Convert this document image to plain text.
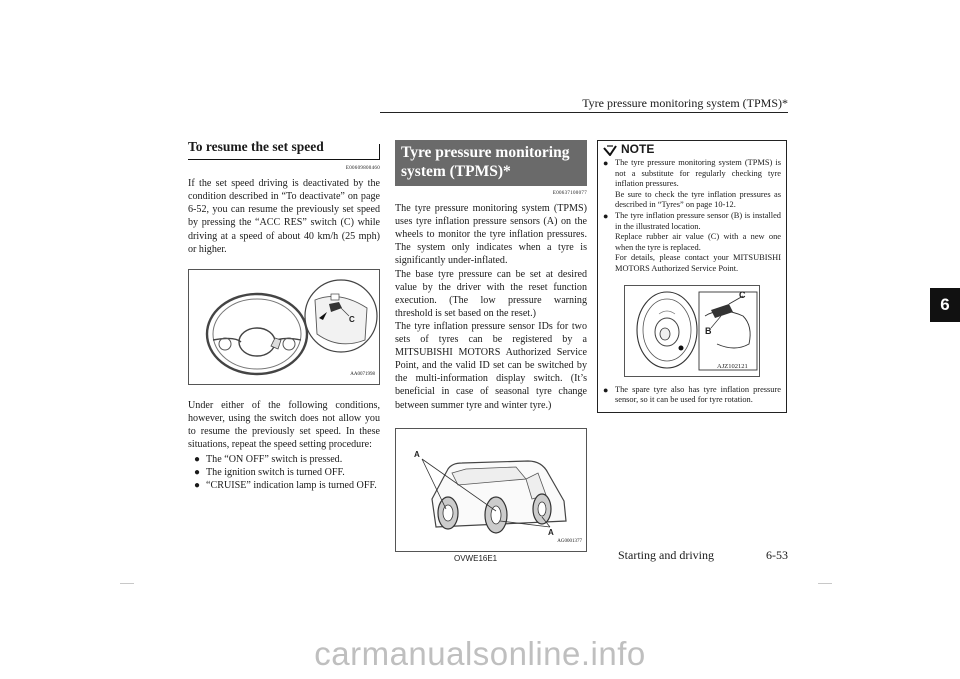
Tyre pressure monitoring system (TPMS)*
6
To resume the set speed
E00609800460

If the set speed driving is deactivated by the condition described in “To deactivate” on page 6-52, you can resume the previously set speed by pressing the “ACC RES” switch (C) while driving at a speed of about 40 km/h (25 mph) or higher.

C
AA0071998

Under either of the following conditions, however, using the switch does not allow you to resume the previously set speed. In these situations, repeat the speed setting procedure:

● The “ON OFF” switch is pressed.
● The ignition switch is turned OFF.
● “CRUISE” indication lamp is turned OFF.
Tyre pressure monitoring system (TPMS)*
E00637100077

The tyre pressure monitoring system (TPMS) uses tyre inflation pressure sensors (A) on the wheels to monitor the tyre inflation pressures. The system only indicates when a tyre is significantly under-inflated.

The base tyre pressure can be set at desired value by the driver with the reset function execution. (The low pressure warning threshold is set based on the reset.)

The tyre inflation pressure sensor IDs for two sets of tyres can be registered by a MITSUBISHI MOTORS Authorized Service Point, and the valid ID set can be switched by the multi-information display switch. (It’s beneficial in case of seasonal tyre change between summer tyre and winter tyre.)

A
A
AG0001377
NOTE
● The tyre pressure monitoring system (TPMS) is not a substitute for regularly checking tyre inflation pressures.
Be sure to check the tyre inflation pressures as described in “Tyres” on page 10-12.
● The tyre inflation pressure sensor (B) is installed in the illustrated location.
Replace rubber air value (C) with a new one when the tyre is replaced.
For details, please contact your MITSUBISHI MOTORS Authorized Service Point.
C
B
AJZ102121
● The spare tyre also has tyre inflation pressure sensor, so it can be used for tyre rotation.
OVWE16E1	Starting and driving	6-53
carmanualsonline.info
